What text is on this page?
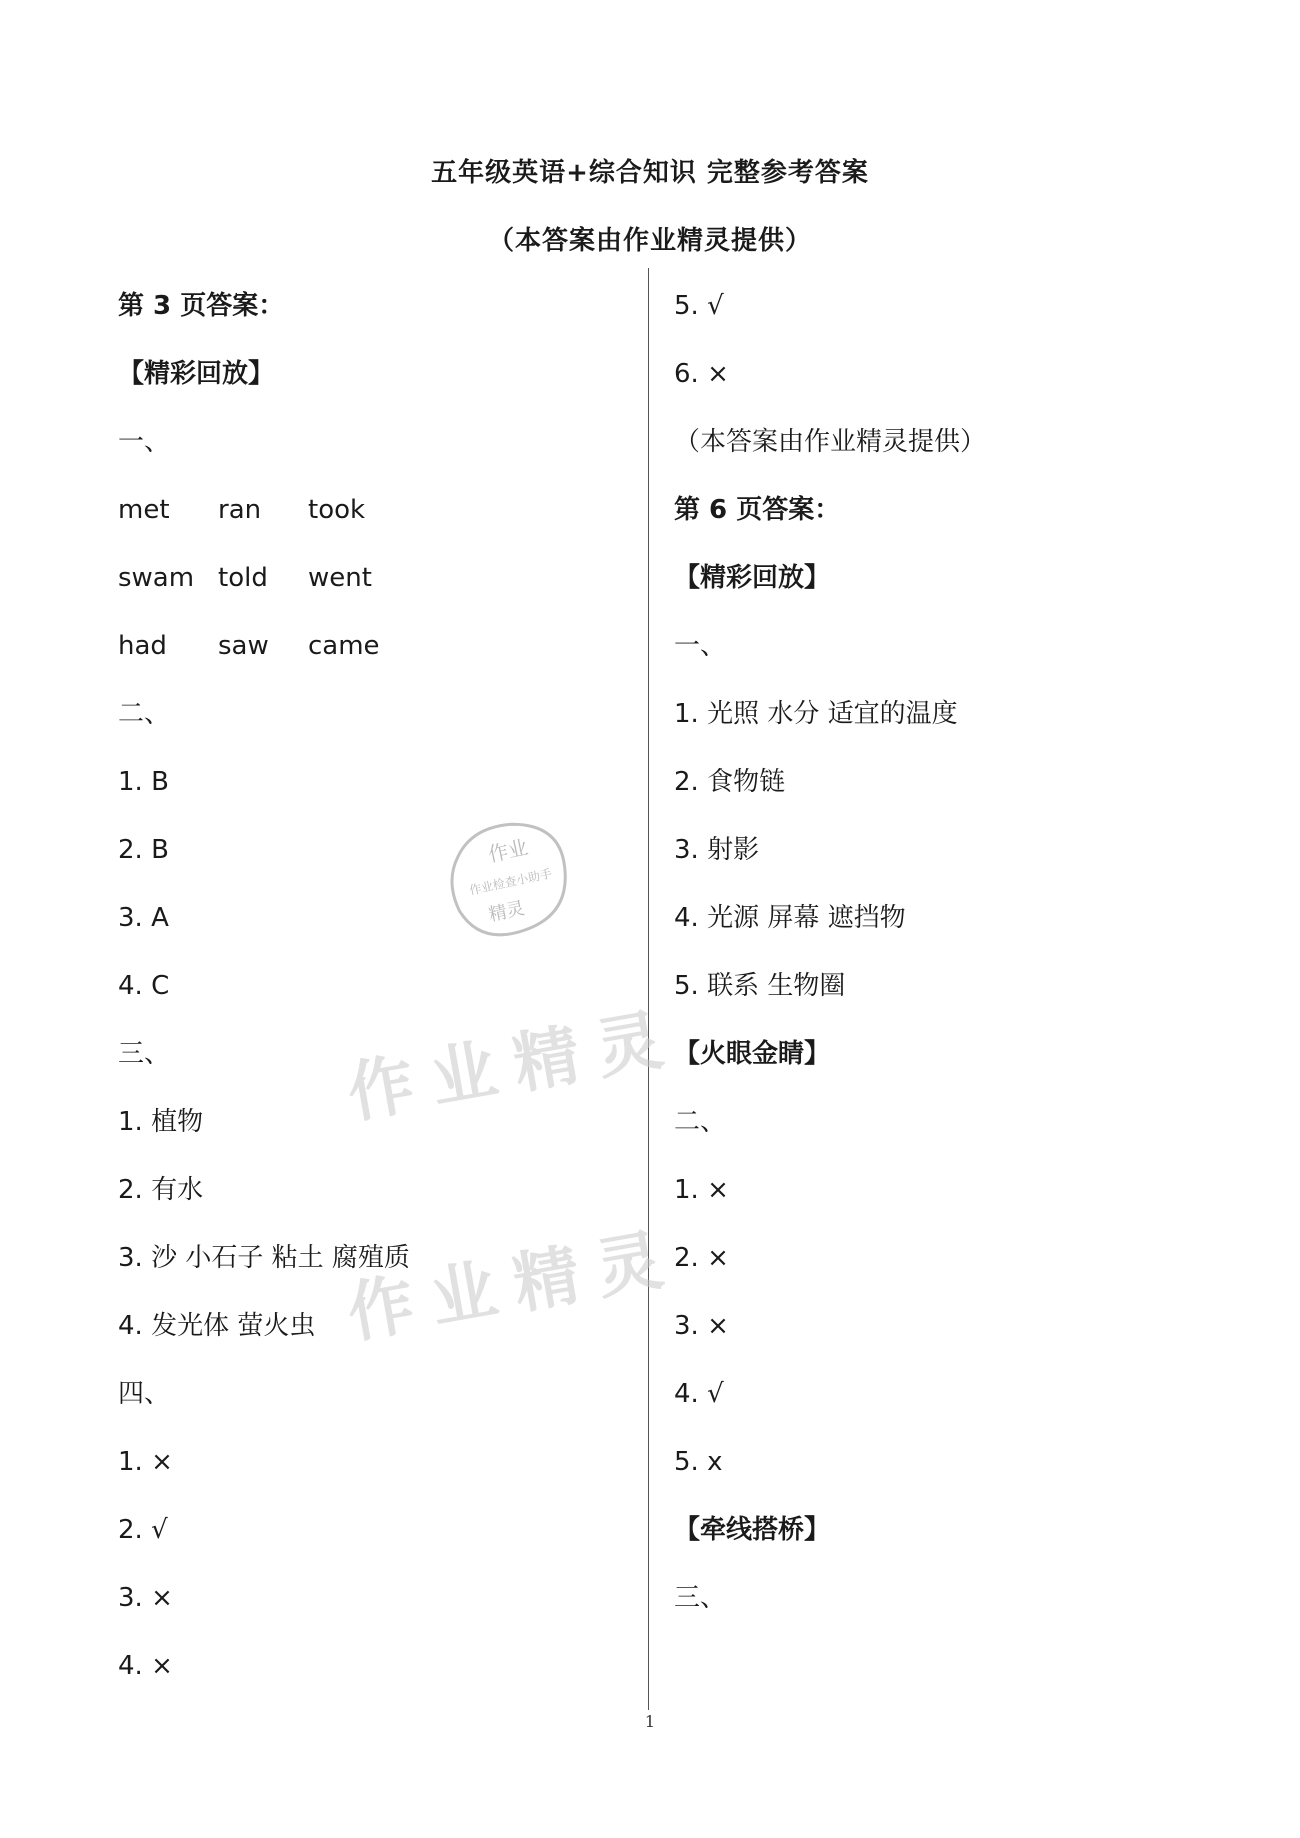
五年级英语+综合知识 完整参考答案
（本答案由作业精灵提供）
第 3 页答案：
【精彩回放】
一、
met ran took
swam told went
had saw came
二、
1. B
2. B
3. A
4. C
三、
1. 植物
2. 有水
3. 沙 小石子 粘土 腐殖质
4. 发光体 萤火虫
四、
1. ×
2. √
3. ×
4. ×
5. √
6. ×
（本答案由作业精灵提供）
第 6 页答案：
【精彩回放】
一、
1. 光照 水分 适宜的温度
2. 食物链
3. 射影
4. 光源 屏幕 遮挡物
5. 联系 生物圈
【火眼金睛】
二、
1. ×
2. ×
3. ×
4. √
5. x
【牵线搭桥】
三、
作业
作业检查小助手
精灵
作业精灵
作业精灵
1
